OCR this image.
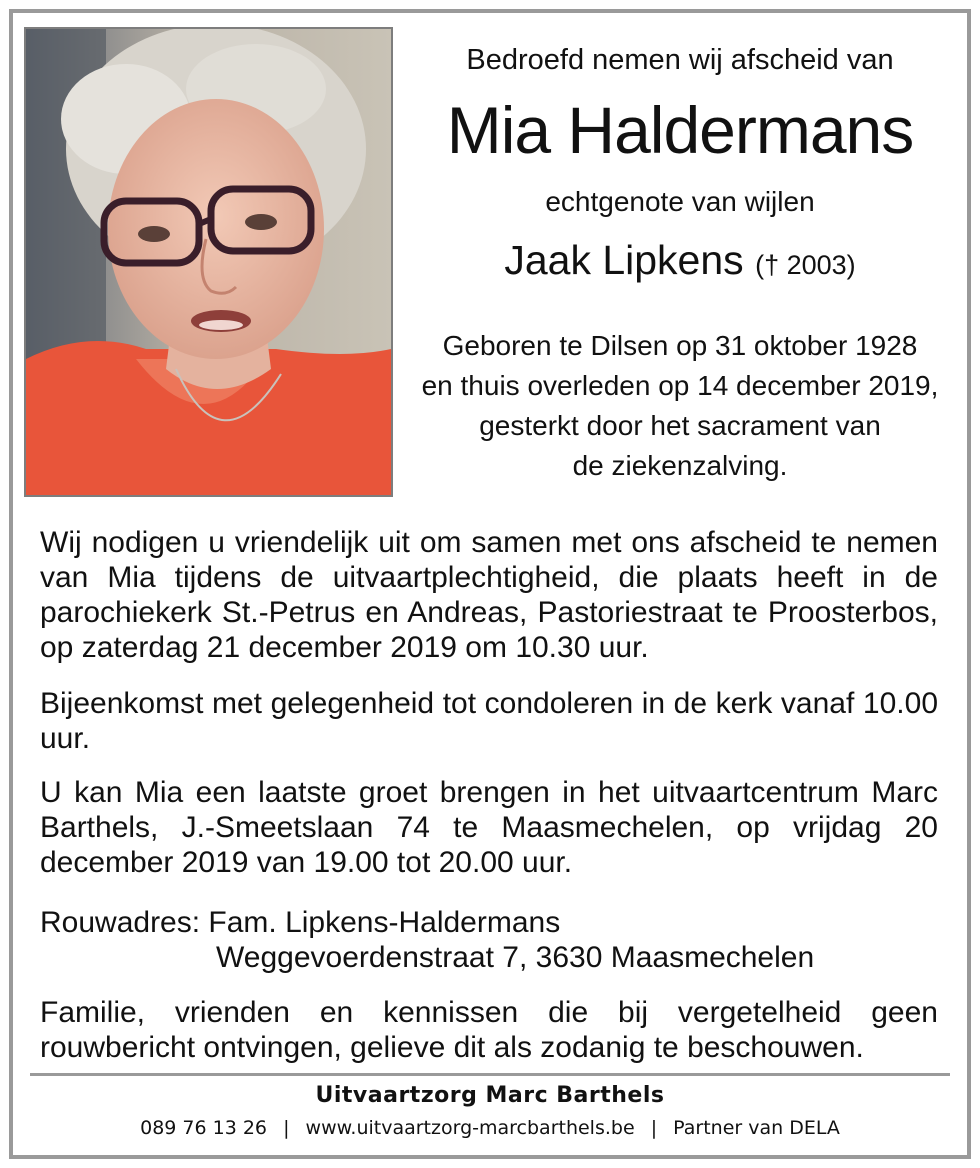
Bedroefd nemen wij afscheid van
Mia Haldermans
echtgenote van wijlen
Jaak Lipkens († 2003)
Geboren te Dilsen op 31 oktober 1928
en thuis overleden op 14 december 2019,
gesterkt door het sacrament van
de ziekenzalving.
Wij nodigen u vriendelijk uit om samen met ons afscheid te nemen van Mia tijdens de uitvaartplechtigheid, die plaats heeft in de parochiekerk St.-Petrus en Andreas, Pastoriestraat te Proosterbos, op zaterdag 21 december 2019 om 10.30 uur.
Bijeenkomst met gelegenheid tot condoleren in de kerk vanaf 10.00 uur.
U kan Mia een laatste groet brengen in het uitvaartcentrum Marc Barthels, J.-Smeetslaan 74 te Maasmechelen, op vrijdag 20 december 2019 van 19.00 tot 20.00 uur.
Rouwadres: Fam. Lipkens-Haldermans
Weggevoerdenstraat 7, 3630 Maasmechelen
Familie, vrienden en kennissen die bij vergetelheid geen rouwbericht ontvingen, gelieve dit als zodanig te beschouwen.
Uitvaartzorg Marc Barthels
089 76 13 26 | www.uitvaartzorg-marcbarthels.be | Partner van DELA
